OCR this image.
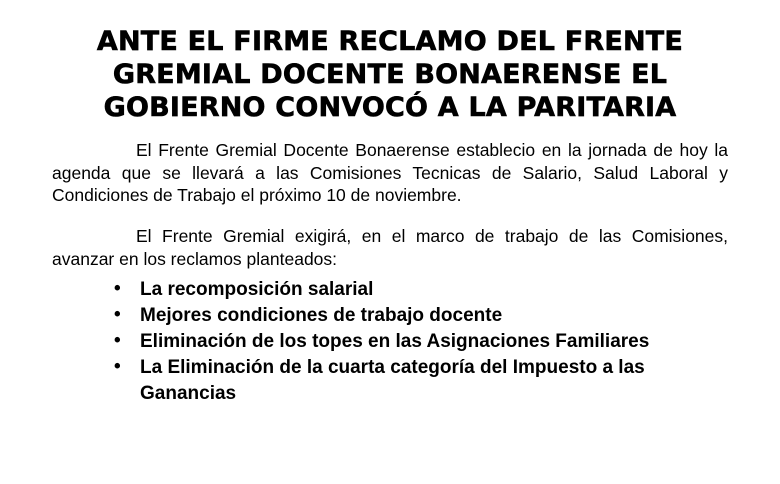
ANTE EL FIRME RECLAMO DEL FRENTE
GREMIAL DOCENTE BONAERENSE EL
GOBIERNO CONVOCÓ A LA PARITARIA

El Frente Gremial Docente Bonaerense establecio en la jornada de hoy la agenda que se llevará a las Comisiones Tecnicas de Salario, Salud Laboral y Condiciones de Trabajo el próximo 10 de noviembre.

El Frente Gremial exigirá, en el marco de trabajo de las Comisiones, avanzar en los reclamos planteados:

• La recomposición salarial
• Mejores condiciones de trabajo docente
• Eliminación de los topes en las Asignaciones Familiares
• La Eliminación de la cuarta categoría del Impuesto a las Ganancias
